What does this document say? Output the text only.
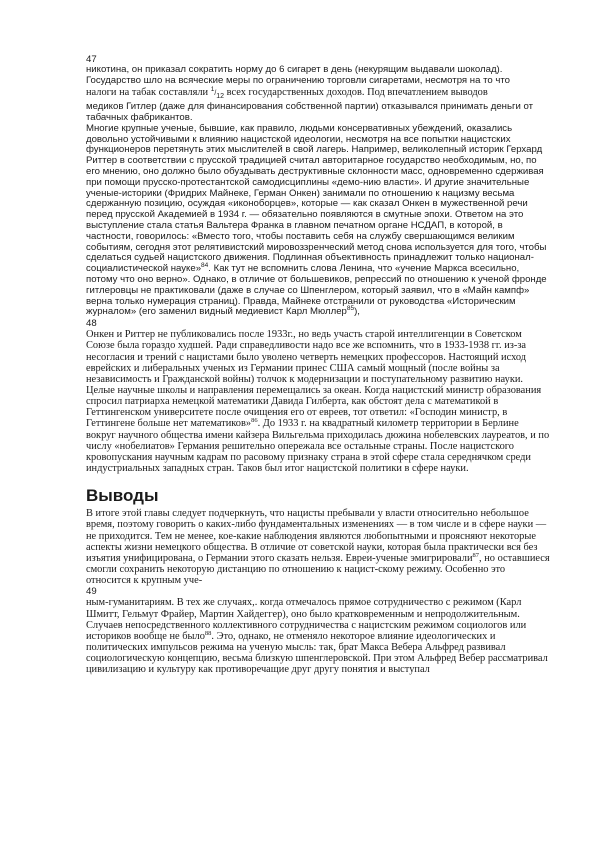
47

никотина, он приказал сократить норму до 6 сигарет в день (некурящим выдавали шоколад).
Государство шло на всяческие меры по ограничению торговли сигаретами, несмотря на то что
налоги на табак составляли $^1/_{12}$ всех государственных доходов. Под впечатлением выводов
медиков Гитлер (даже для финансирования собственной партии) отказывался принимать деньги от табачных фабрикантов.

Многие крупные ученые, бывшие, как правило, людьми консервативных убеждений, оказались довольно устойчивыми к влиянию нацистской идеологии, несмотря на все попытки нацистских функционеров перетянуть этих мыслителей в свой лагерь. Например, великолепный историк Герхард Риттер в соответствии с прусской традицией считал авторитарное государство необходимым, но, по его мнению, оно должно было обуздывать деструктивные склонности масс, одновременно сдерживая при помощи прусско-протестантской самодисциплины «демо-нию власти». И другие значительные ученые-историки (Фридрих Майнеке, Герман Онкен) занимали по отношению к нацизму весьма сдержанную позицию, осуждая «иконоборцев», которые — как сказал Онкен в мужественной речи перед прусской Академией в 1934 г. — обязательно появляются в смутные эпохи. Ответом на это выступление стала статья Вальтера Франка в главном печатном органе НСДАП, в которой, в частности, говорилось: «Вместо того, чтобы поставить себя на службу свершающимся великим событиям, сегодня этот релятивистский мировоззренческий метод снова используется для того, чтобы сделаться судьей нацистского движения. Подлинная объективность принадлежит только национал-социалистической науке»$^{84}$. Как тут не вспомнить слова Ленина, что «учение Маркса всесильно, потому что оно верно». Однако, в отличие от большевиков, репрессий по отношению к ученой фронде гитлеровцы не практиковали (даже в случае со Шпенглером, который заявил, что в «Майн кампф» верна только нумерация страниц). Правда, Майнеке отстранили от руководства «Историческим журналом» (его заменил видный медиевист Карл Мюллер$^{85}$),

48

Онкен и Риттер не публиковались после 1933г., но ведь участь старой интеллигенции в Советском Союзе была гораздо худшей. Ради справедливости надо все же вспомнить, что в 1933-1938 гг. из-за несогласия и трений с нацистами было уволено четверть немецких профессоров. Настоящий исход еврейских и либеральных ученых из Германии принес США самый мощный (после войны за независимость и Гражданской войны) толчок к модернизации и поступательному развитию науки. Целые научные школы и направления перемещались за океан. Когда нацистский министр образования спросил патриарха немецкой математики Давида Гилберта, как обстоят дела с математикой в Геттингенском университете после очищения его от евреев, тот ответил: «Господин министр, в Геттингене больше нет математиков»$^{86}$. До 1933 г. на квадратный километр территории в Берлине вокруг научного общества имени кайзера Вильгельма приходилась дюжина нобелевских лауреатов, и по числу «нобелиатов» Германия решительно опережала все остальные страны. После нацистского кровопускания научным кадрам по расовому признаку страна в этой сфере стала середнячком среди индустриальных западных стран. Таков был итог нацистской политики в сфере науки.

Выводы

В итоге этой главы следует подчеркнуть, что нацисты пребывали у власти относительно небольшое время, поэтому говорить о каких-либо фундаментальных изменениях — в том числе и в сфере науки — не приходится. Тем не менее, кое-какие наблюдения являются любопытными и проясняют некоторые аспекты жизни немецкого общества. В отличие от советской науки, которая была практически вся без изъятия унифицирована, о Германии этого сказать нельзя. Евреи-ученые эмигрировали$^{87}$, но оставшиеся смогли сохранить некоторую дистанцию по отношению к нацист-скому режиму. Особенно это относится к крупным уче-

49

ным-гуманитариям. В тех же случаях,. когда отмечалось прямое сотрудничество с режимом (Карл Шмитт, Гельмут Фрайер, Мартин Хайдеггер), оно было кратковременным и непродолжительным. Случаев непосредственного коллективного сотрудничества с нацистским режимом социологов или историков вообще не было$^{88}$. Это, однако, не отменяло некоторое влияние идеологических и политических импульсов режима на ученую мысль: так, брат Макса Вебера Альфред развивал социологическую концепцию, весьма близкую шпенглеровской. При этом Альфред Вебер рассматривал цивилизацию и культуру как противоречащие друг другу понятия и выступал
